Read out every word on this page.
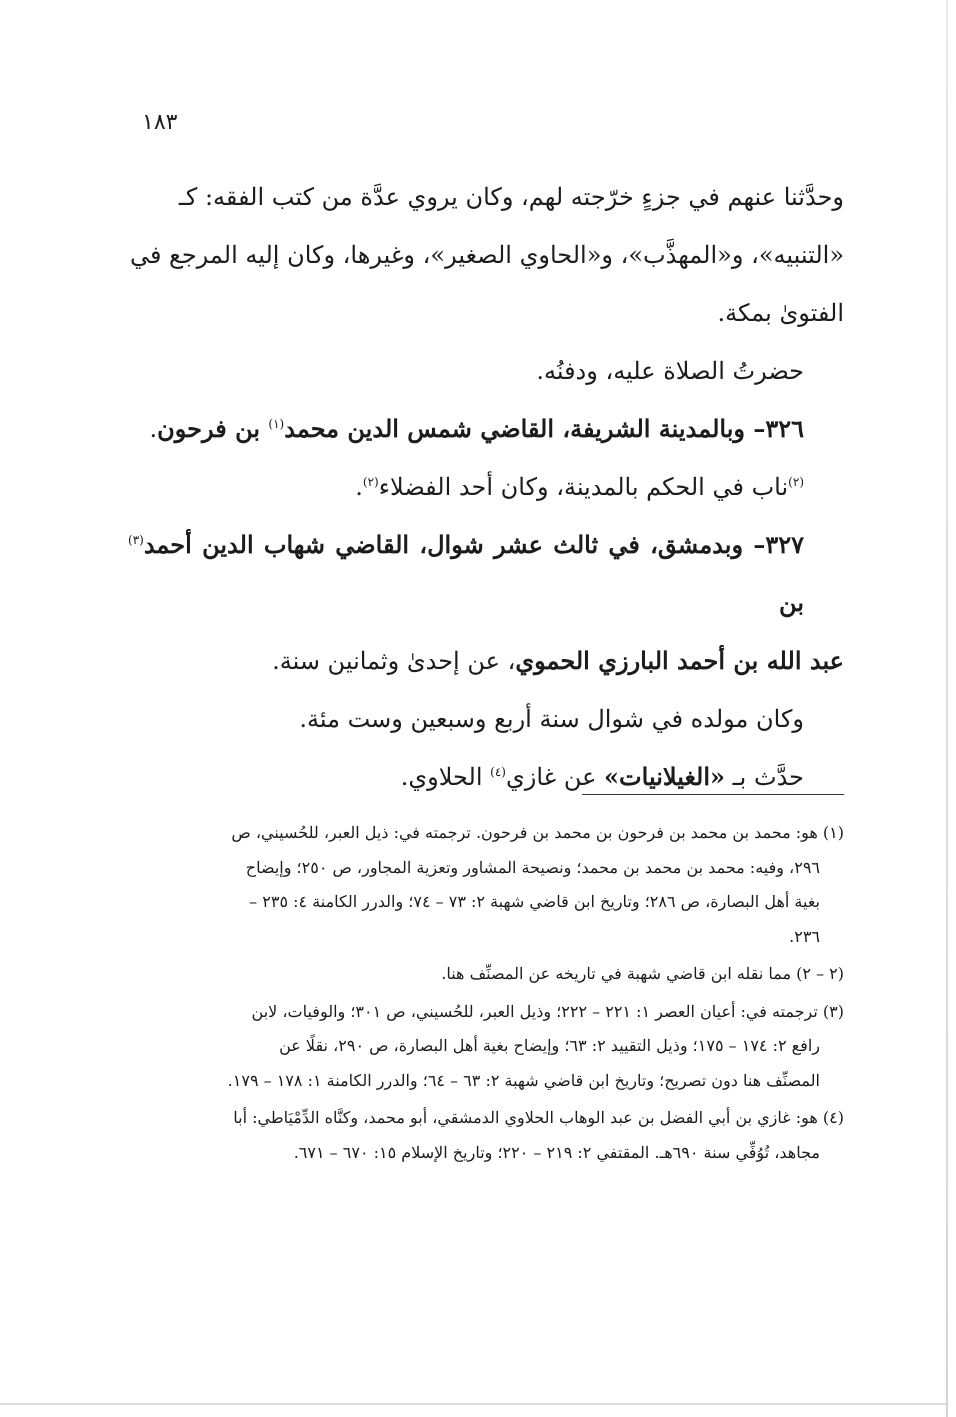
١٨٣

وحدَّثنا عنهم في جزءٍ خرّجته لهم، وكان يروي عدَّة من كتب الفقه: كـ
«التنبيه»، و«المهذَّب»، و«الحاوي الصغير»، وغيرها، وكان إليه المرجع في
الفتوىٰ بمكة.

حضرتُ الصلاة عليه، ودفنُه.

٣٢٦– وبالمدينة الشريفة، القاضي شمس الدين محمد$^{(١)}$ بن فرحون.

$^{(٢)}$ناب في الحكم بالمدينة، وكان أحد الفضلاء$^{(٢)}$.

٣٢٧– وبدمشق، في ثالث عشر شوال، القاضي شهاب الدين أحمد$^{(٣)}$ بن

عبد الله بن أحمد البارزي الحموي، عن إحدىٰ وثمانين سنة.

وكان مولده في شوال سنة أربع وسبعين وست مئة.

حدَّث بـ «الغيلانيات» عن غازي$^{(٤)}$ الحلاوي.

(١) هو: محمد بن محمد بن فرحون بن محمد بن فرحون. ترجمته في: ذيل العبر، للحُسيني، ص
٢٩٦، وفيه: محمد بن محمد بن محمد؛ ونصيحة المشاور وتعزية المجاور، ص ٢٥٠؛ وإيضاح
بغية أهل البصارة، ص ٢٨٦؛ وتاريخ ابن قاضي شهبة ٢: ٧٣ – ٧٤؛ والدرر الكامنة ٤: ٢٣٥ –
٢٣٦.

(٢ – ٢) مما نقله ابن قاضي شهبة في تاريخه عن المصنِّف هنا.

(٣) ترجمته في: أعيان العصر ١: ٢٢١ – ٢٢٢؛ وذيل العبر، للحُسيني، ص ٣٠١؛ والوفيات، لابن
رافع ٢: ١٧٤ – ١٧٥؛ وذيل التقييد ٢: ٦٣؛ وإيضاح بغية أهل البصارة، ص ٢٩٠، نقلًا عن
المصنِّف هنا دون تصريح؛ وتاريخ ابن قاضي شهبة ٢: ٦٣ – ٦٤؛ والدرر الكامنة ١: ١٧٨ – ١٧٩.

(٤) هو: غازي بن أبي الفضل بن عبد الوهاب الحلاوي الدمشقي، أبو محمد، وكنَّاه الدِّمْيَاطي: أبا
مجاهد، تُوُفِّي سنة ٦٩٠هـ. المقتفي ٢: ٢١٩ – ٢٢٠؛ وتاريخ الإسلام ١٥: ٦٧٠ – ٦٧١.
